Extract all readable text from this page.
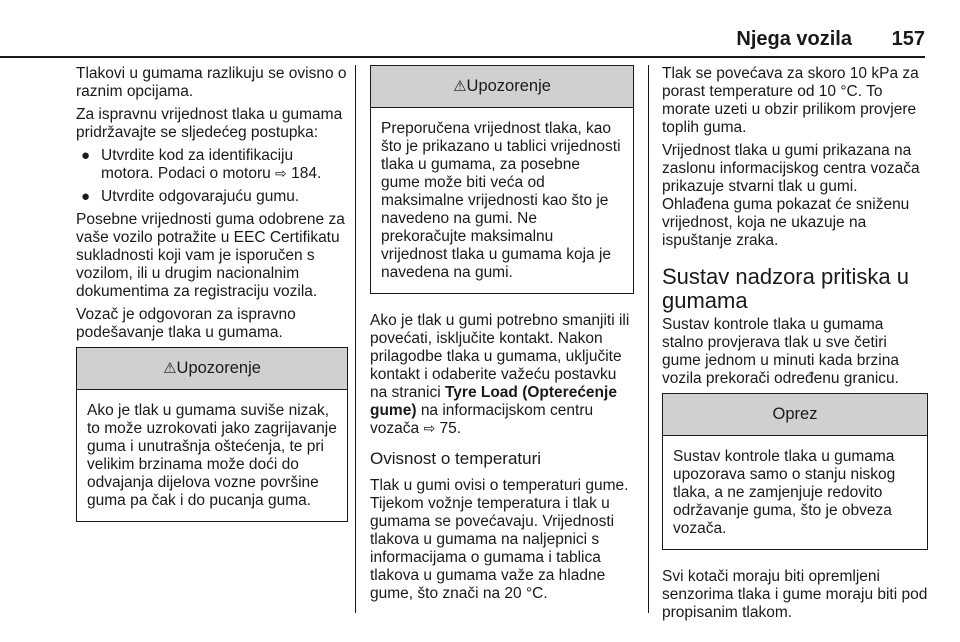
Njega vozila 157

Tlakovi u gumama razlikuju se ovisno o raznim opcijama.

Za ispravnu vrijednost tlaka u gumama pridržavajte se sljedećeg postupka:

● Utvrdite kod za identifikaciju motora. Podaci o motoru ⇨ 184.
● Utvrdite odgovarajuću gumu.

Posebne vrijednosti guma odobrene za vaše vozilo potražite u EEC Certifikatu sukladnosti koji vam je isporučen s vozilom, ili u drugim nacionalnim dokumentima za registraciju vozila.

Vozač je odgovoran za ispravno podešavanje tlaka u gumama.

⚠Upozorenje
Ako je tlak u gumama suviše nizak, to može uzrokovati jako zagrijavanje guma i unutrašnja oštećenja, te pri velikim brzinama može doći do odvajanja dijelova vozne površine guma pa čak i do pucanja guma.
⚠Upozorenje
Preporučena vrijednost tlaka, kao što je prikazano u tablici vrijednosti tlaka u gumama, za posebne gume može biti veća od maksimalne vrijednosti kao što je navedeno na gumi. Ne prekoračujte maksimalnu vrijednost tlaka u gumama koja je navedena na gumi.

Ako je tlak u gumi potrebno smanjiti ili povećati, isključite kontakt. Nakon prilagodbe tlaka u gumama, uključite kontakt i odaberite važeću postavku na stranici Tyre Load (Opterećenje gume) na informacijskom centru vozača ⇨ 75.

Ovisnost o temperaturi

Tlak u gumi ovisi o temperaturi gume. Tijekom vožnje temperatura i tlak u gumama se povećavaju. Vrijednosti tlakova u gumama na naljepnici s informacijama o gumama i tablica tlakova u gumama važe za hladne gume, što znači na 20 °C.

Tlak se povećava za skoro 10 kPa za porast temperature od 10 °C. To morate uzeti u obzir prilikom provjere toplih guma.

Vrijednost tlaka u gumi prikazana na zaslonu informacijskog centra vozača prikazuje stvarni tlak u gumi. Ohlađena guma pokazat će sniženu vrijednost, koja ne ukazuje na ispuštanje zraka.

Sustav nadzora pritiska u gumama

Sustav kontrole tlaka u gumama stalno provjerava tlak u sve četiri gume jednom u minuti kada brzina vozila prekorači određenu granicu.

Oprez
Sustav kontrole tlaka u gumama upozorava samo o stanju niskog tlaka, a ne zamjenjuje redovito održavanje guma, što je obveza vozača.

Svi kotači moraju biti opremljeni senzorima tlaka i gume moraju biti pod propisanim tlakom.
